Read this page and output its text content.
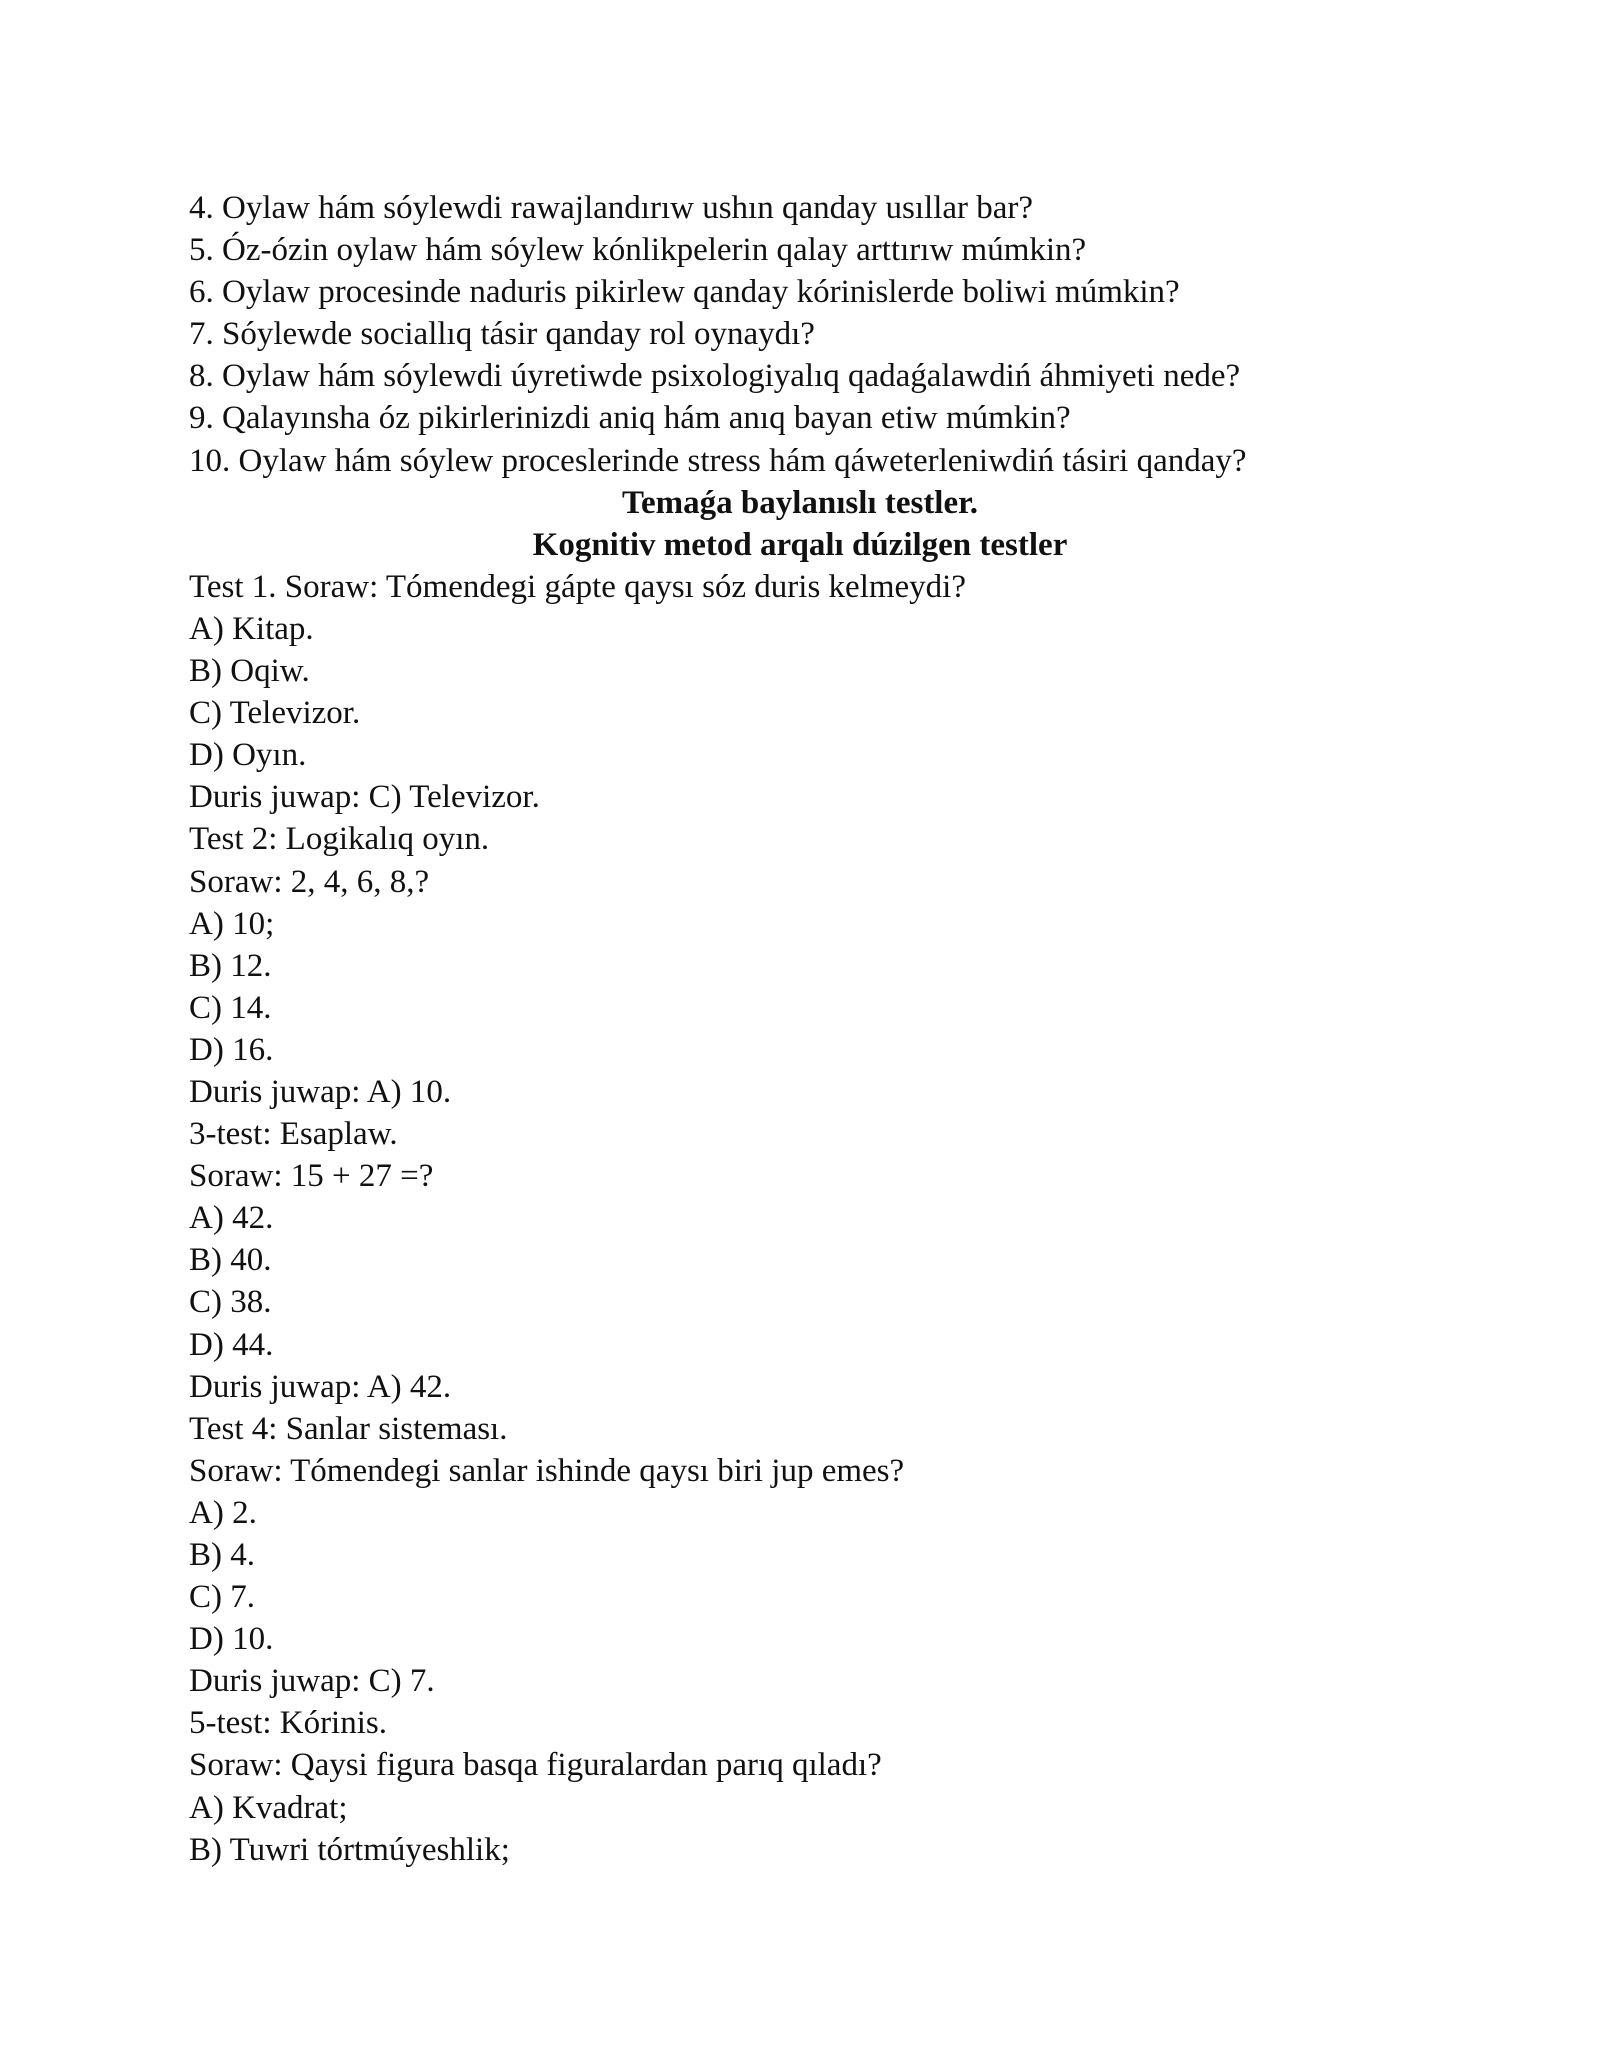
4. Oylaw hám sóylewdi rawajlandırıw ushın qanday usıllar bar?

5. Óz-ózin oylaw hám sóylew kónlikpelerin qalay arttırıw múmkin?

6. Oylaw procesinde naduris pikirlew qanday kórinislerde boliwi múmkin?

7. Sóylewde sociallıq tásir qanday rol oynaydı?

8. Oylaw hám sóylewdi úyretiwde psixologiyalıq qadaǵalawdiń áhmiyeti nede?

9. Qalayınsha óz pikirlerinizdi aniq hám anıq bayan etiw múmkin?

10. Oylaw hám sóylew proceslerinde stress hám qáweterleniwdiń tásiri qanday?

Temaǵa baylanıslı testler.

Kognitiv metod arqalı dúzilgen testler

Test 1. Soraw: Tómendegi gápte qaysı sóz duris kelmeydi?

A) Kitap.

B) Oqiw.

C) Televizor.

D) Oyın.

Duris juwap: C) Televizor.

Test 2: Logikalıq oyın.

Soraw: 2, 4, 6, 8,?

A) 10;

B) 12.

C) 14.

D) 16.

Duris juwap: A) 10.

3-test: Esaplaw.

Soraw: 15 + 27 =?

A) 42.

B) 40.

C) 38.

D) 44.

Duris juwap: A) 42.

Test 4: Sanlar sisteması.

Soraw: Tómendegi sanlar ishinde qaysı biri jup emes?

A) 2.

B) 4.

C) 7.

D) 10.

Duris juwap: C) 7.

5-test: Kórinis.

Soraw: Qaysi figura basqa figuralardan parıq qıladı?

A) Kvadrat;

B) Tuwri tórtmúyeshlik;
